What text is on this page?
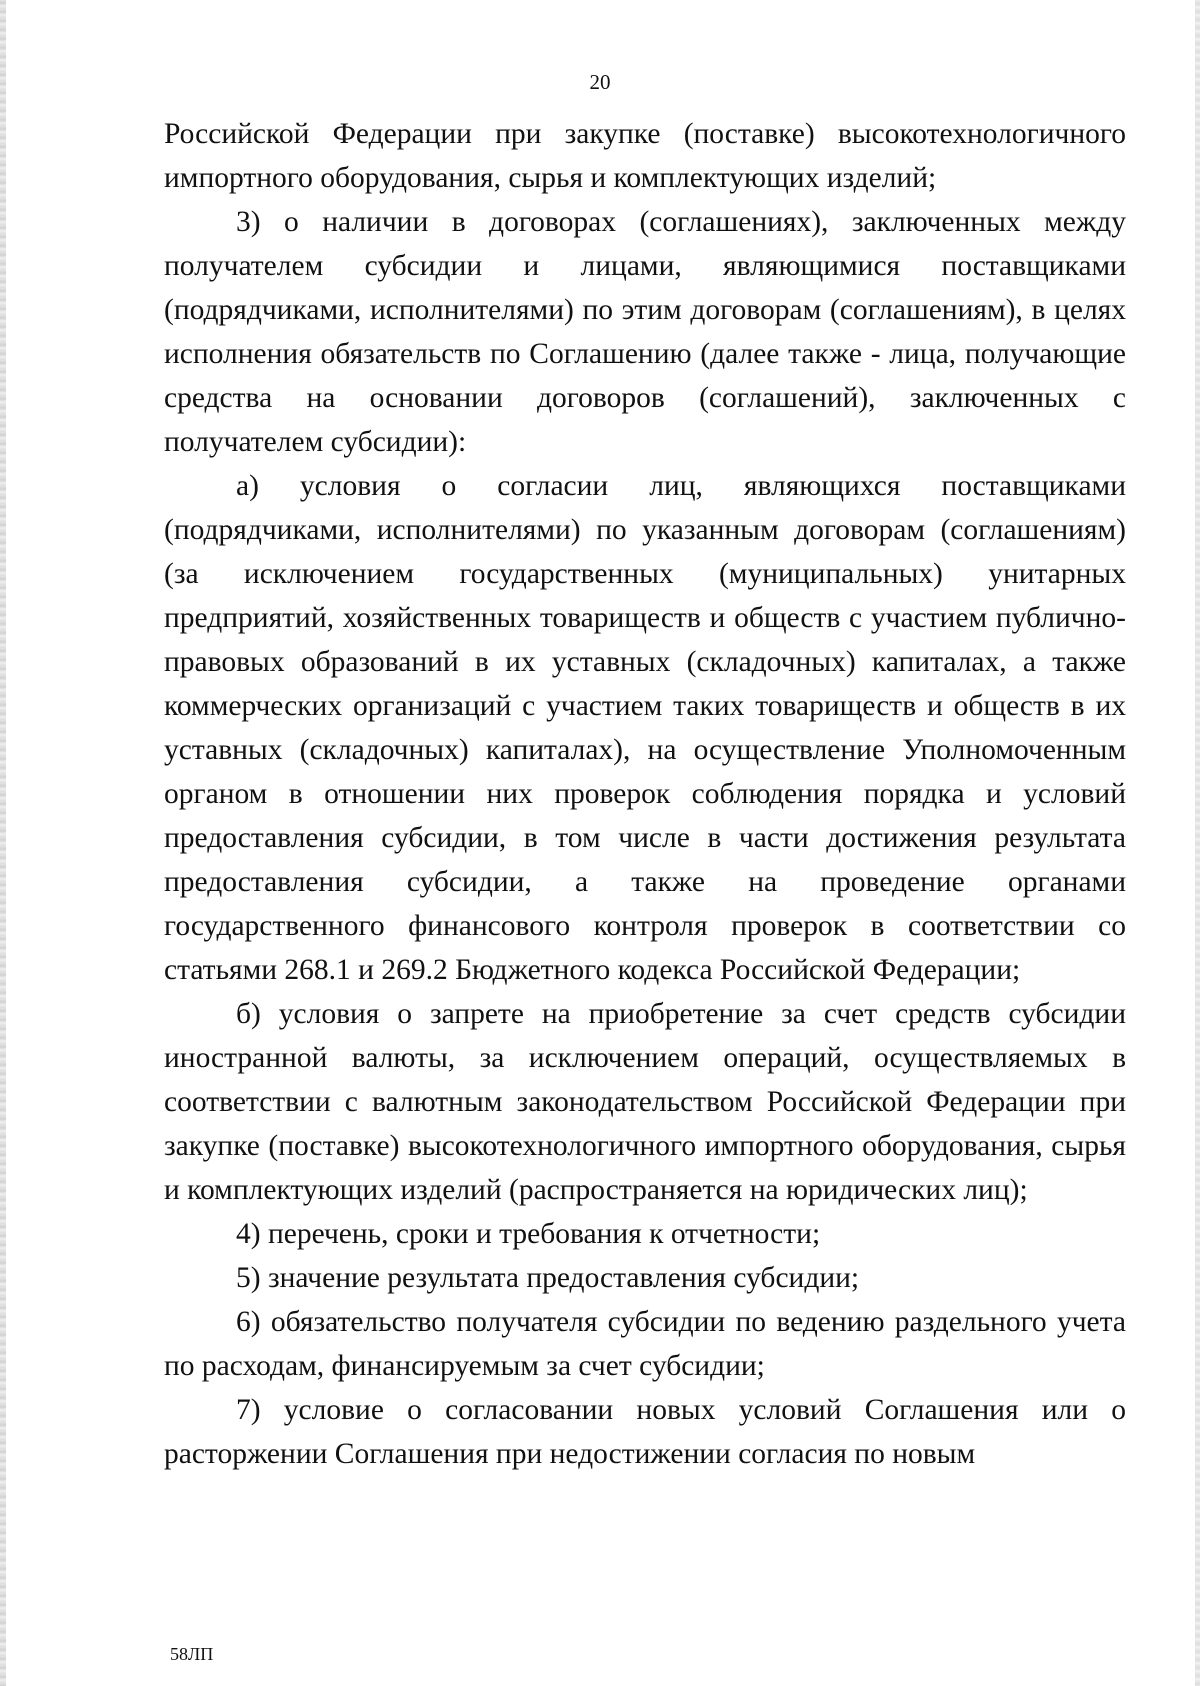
20

Российской Федерации при закупке (поставке) высокотехнологичного импортного оборудования, сырья и комплектующих изделий;

3) о наличии в договорах (соглашениях), заключенных между получателем субсидии и лицами, являющимися поставщиками (подрядчиками, исполнителями) по этим договорам (соглашениям), в целях исполнения обязательств по Соглашению (далее также - лица, получающие средства на основании договоров (соглашений), заключенных с получателем субсидии):

а) условия о согласии лиц, являющихся поставщиками (подрядчиками, исполнителями) по указанным договорам (соглашениям) (за исключением государственных (муниципальных) унитарных предприятий, хозяйственных товариществ и обществ с участием публично-правовых образований в их уставных (складочных) капиталах, а также коммерческих организаций с участием таких товариществ и обществ в их уставных (складочных) капиталах), на осуществление Уполномоченным органом в отношении них проверок соблюдения порядка и условий предоставления субсидии, в том числе в части достижения результата предоставления субсидии, а также на проведение органами государственного финансового контроля проверок в соответствии со статьями 268.1 и 269.2 Бюджетного кодекса Российской Федерации;

б) условия о запрете на приобретение за счет средств субсидии иностранной валюты, за исключением операций, осуществляемых в соответствии с валютным законодательством Российской Федерации при закупке (поставке) высокотехнологичного импортного оборудования, сырья и комплектующих изделий (распространяется на юридических лиц);

4) перечень, сроки и требования к отчетности;

5) значение результата предоставления субсидии;

6) обязательство получателя субсидии по ведению раздельного учета по расходам, финансируемым за счет субсидии;

7) условие о согласовании новых условий Соглашения или о расторжении Соглашения при недостижении согласия по новым

58ЛП
